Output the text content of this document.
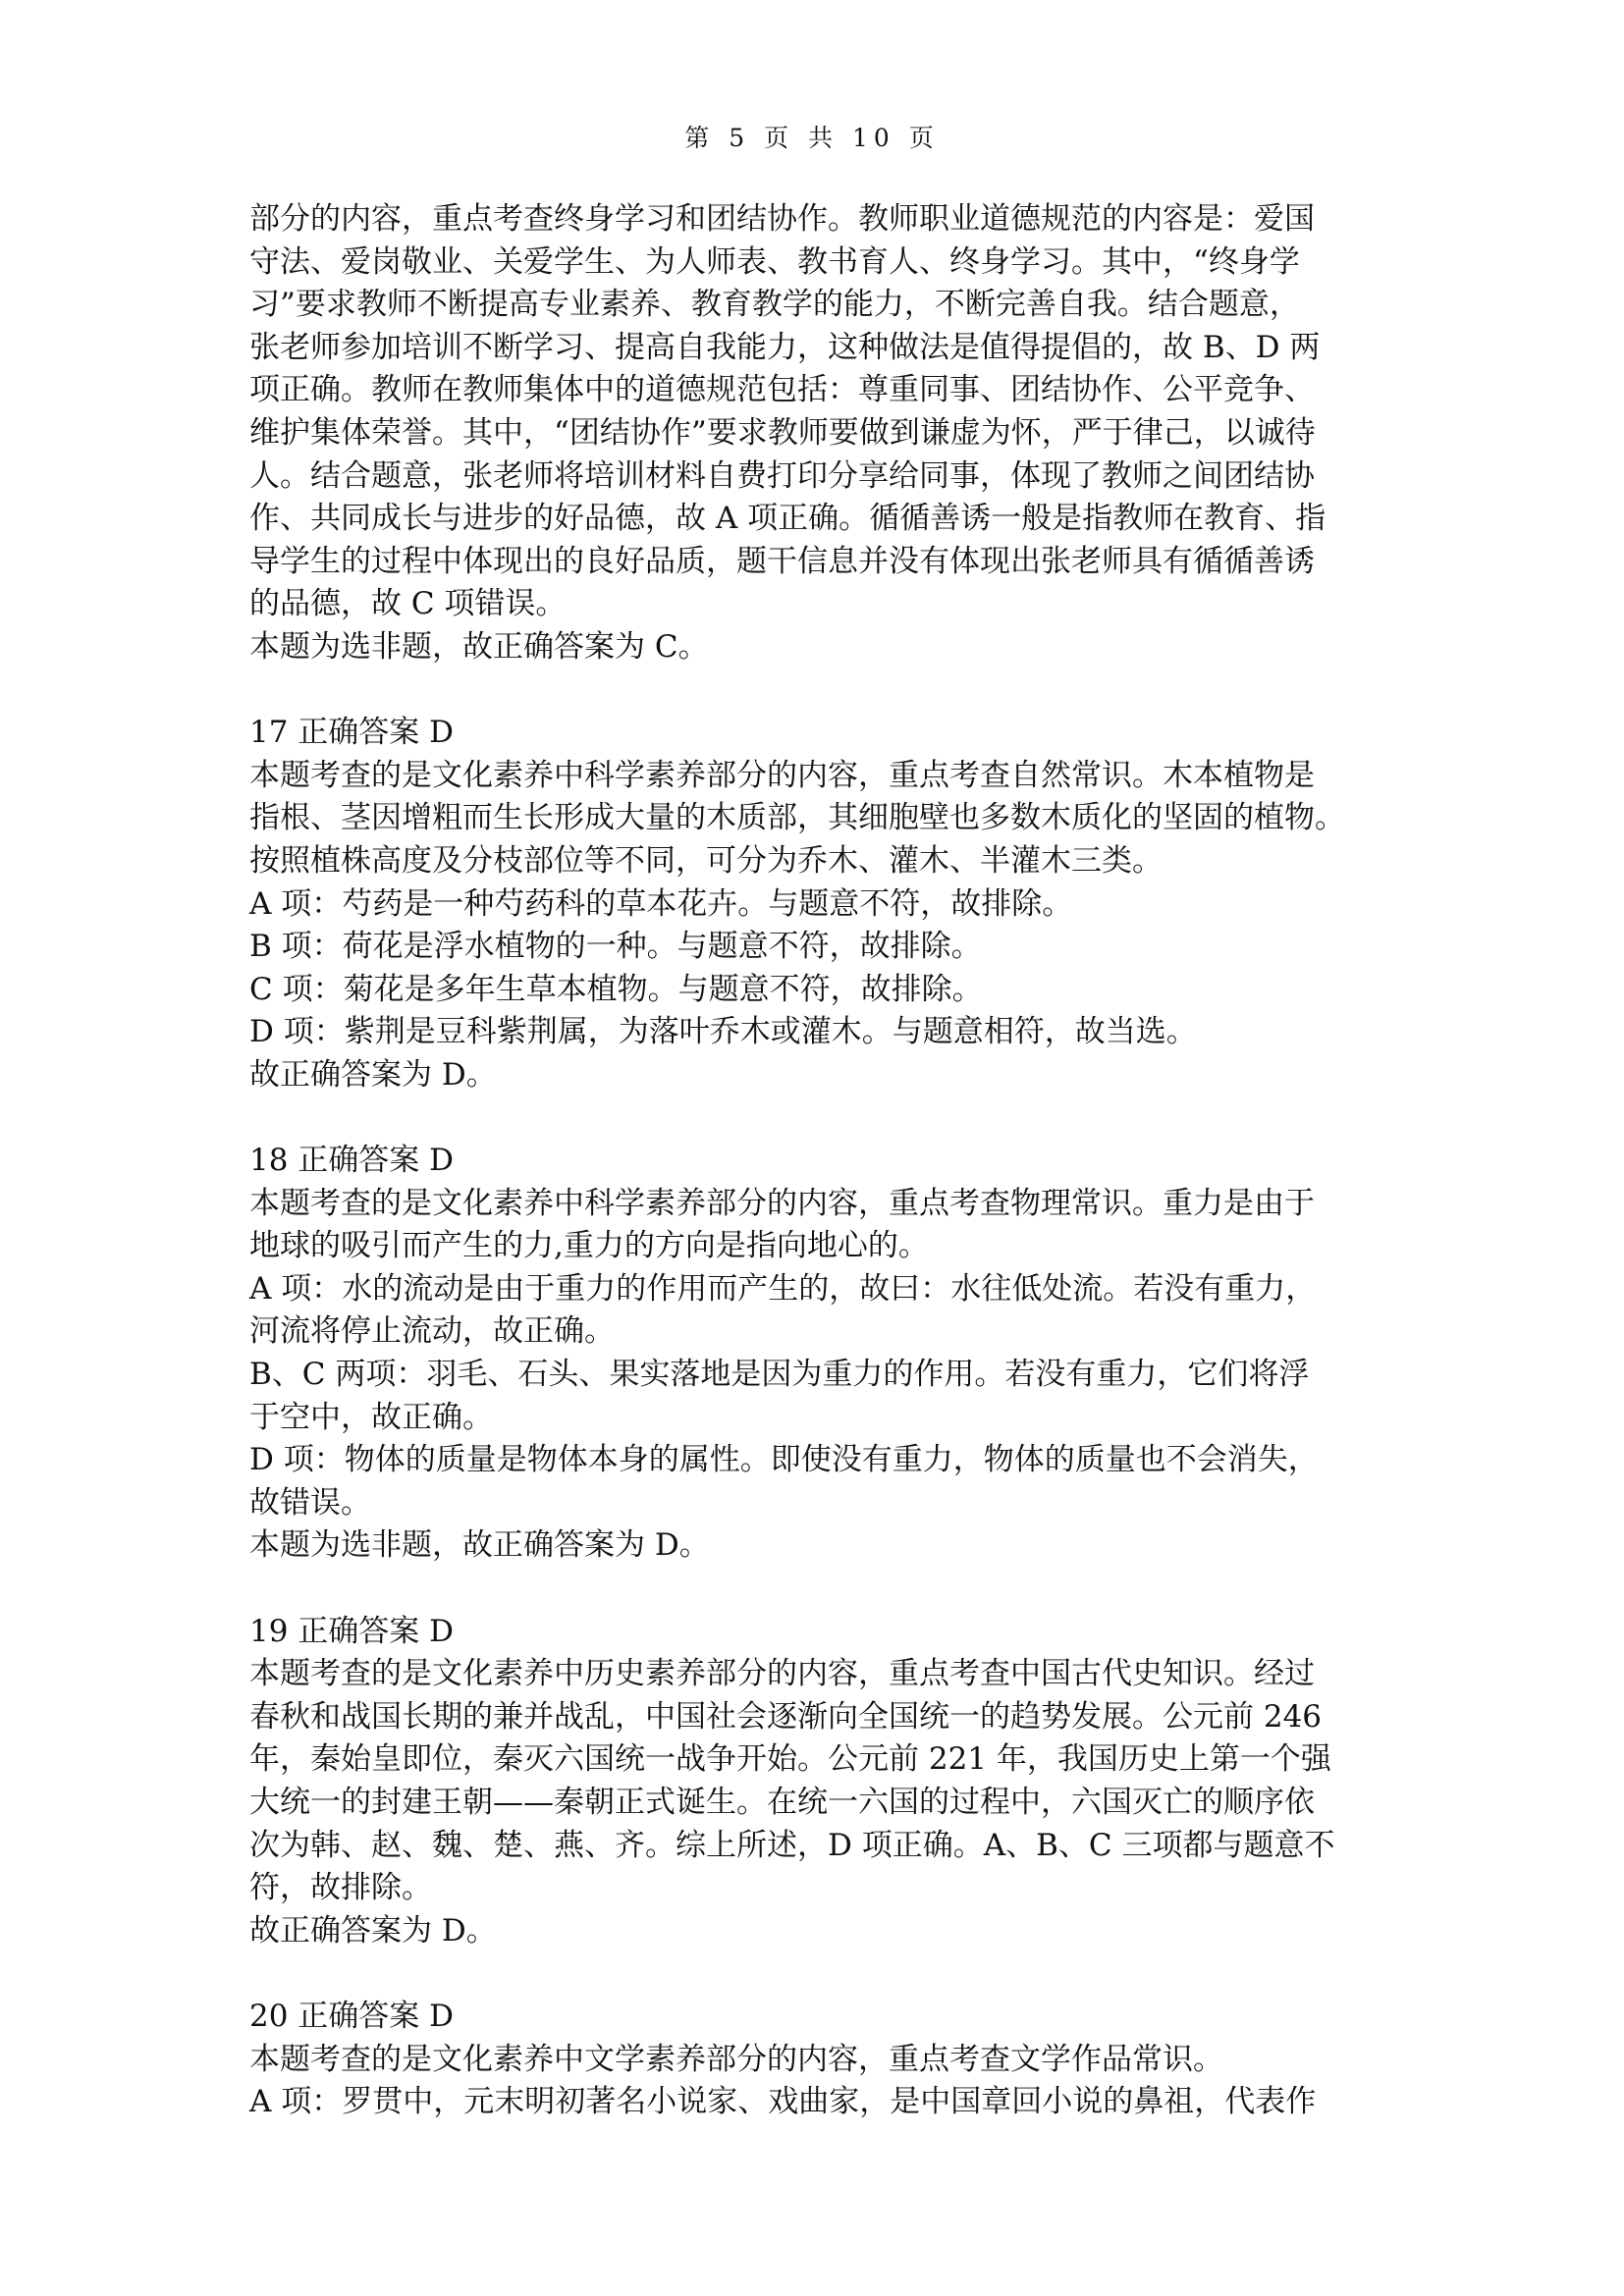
第 5 页 共 10 页

部分的内容，重点考查终身学习和团结协作。教师职业道德规范的内容是：爱国

守法、爱岗敬业、关爱学生、为人师表、教书育人、终身学习。其中，“终身学

习”要求教师不断提高专业素养、教育教学的能力，不断完善自我。结合题意，

张老师参加培训不断学习、提高自我能力，这种做法是值得提倡的，故 B、D 两

项正确。教师在教师集体中的道德规范包括：尊重同事、团结协作、公平竞争、

维护集体荣誉。其中，“团结协作”要求教师要做到谦虚为怀，严于律己，以诚待

人。结合题意，张老师将培训材料自费打印分享给同事，体现了教师之间团结协

作、共同成长与进步的好品德，故 A 项正确。循循善诱一般是指教师在教育、指

导学生的过程中体现出的良好品质，题干信息并没有体现出张老师具有循循善诱

的品德，故 C 项错误。

本题为选非题，故正确答案为 C。

17 正确答案 D

本题考查的是文化素养中科学素养部分的内容，重点考查自然常识。木本植物是

指根、茎因增粗而生长形成大量的木质部，其细胞壁也多数木质化的坚固的植物。

按照植株高度及分枝部位等不同，可分为乔木、灌木、半灌木三类。

A 项：芍药是一种芍药科的草本花卉。与题意不符，故排除。

B 项：荷花是浮水植物的一种。与题意不符，故排除。

C 项：菊花是多年生草本植物。与题意不符，故排除。

D 项：紫荆是豆科紫荆属，为落叶乔木或灌木。与题意相符，故当选。

故正确答案为 D。

18 正确答案 D

本题考查的是文化素养中科学素养部分的内容，重点考查物理常识。重力是由于

地球的吸引而产生的力,重力的方向是指向地心的。

A 项：水的流动是由于重力的作用而产生的，故曰：水往低处流。若没有重力，

河流将停止流动，故正确。

B、C 两项：羽毛、石头、果实落地是因为重力的作用。若没有重力，它们将浮

于空中，故正确。

D 项：物体的质量是物体本身的属性。即使没有重力，物体的质量也不会消失，

故错误。

本题为选非题，故正确答案为 D。

19 正确答案 D

本题考查的是文化素养中历史素养部分的内容，重点考查中国古代史知识。经过

春秋和战国长期的兼并战乱，中国社会逐渐向全国统一的趋势发展。公元前 246

年，秦始皇即位，秦灭六国统一战争开始。公元前 221 年，我国历史上第一个强

大统一的封建王朝——秦朝正式诞生。在统一六国的过程中，六国灭亡的顺序依

次为韩、赵、魏、楚、燕、齐。综上所述，D 项正确。A、B、C 三项都与题意不

符，故排除。

故正确答案为 D。

20 正确答案 D

本题考查的是文化素养中文学素养部分的内容，重点考查文学作品常识。

A 项：罗贯中，元末明初著名小说家、戏曲家，是中国章回小说的鼻祖，代表作
